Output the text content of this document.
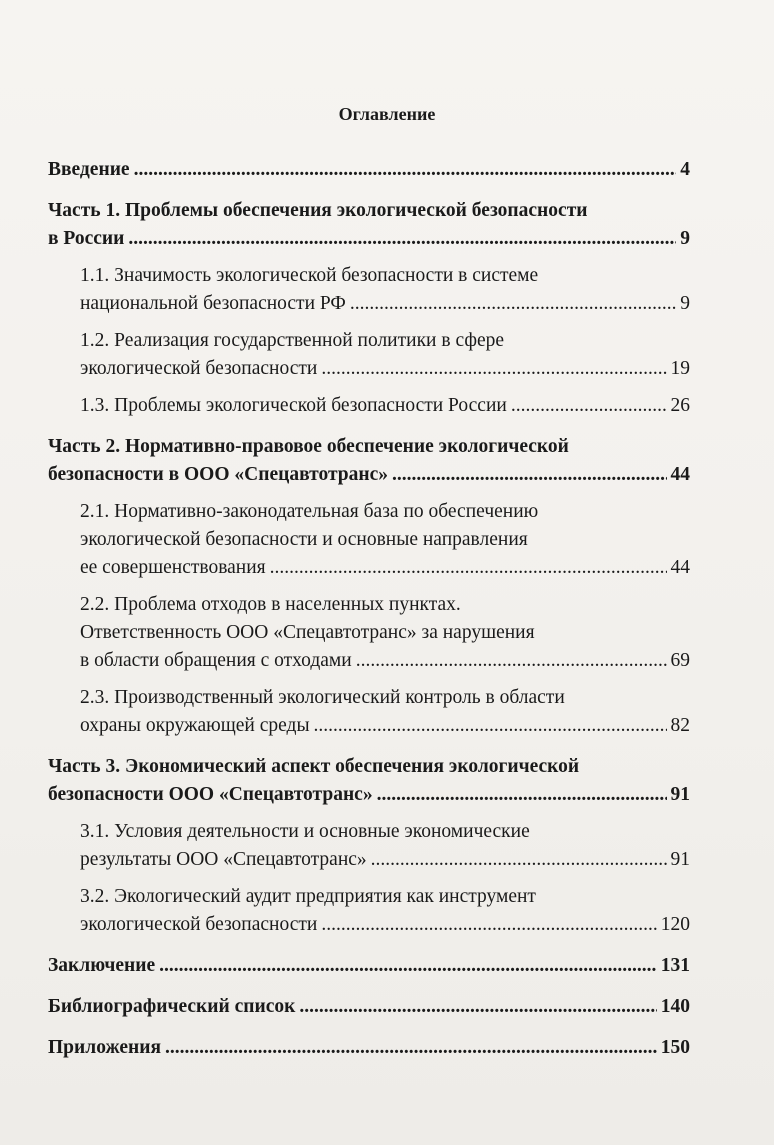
Оглавление
Введение .....	4
Часть 1. Проблемы обеспечения экологической безопасности
в России .....	9
1.1. Значимость экологической безопасности в системе
национальной безопасности РФ .....	9
1.2. Реализация государственной политики в сфере
экологической безопасности .....	19
1.3. Проблемы экологической безопасности России .....	26
Часть 2. Нормативно-правовое обеспечение экологической
безопасности в ООО «Спецавтотранс» .....	44
2.1. Нормативно-законодательная база по обеспечению
экологической безопасности и основные направления
ее совершенствования .....	44
2.2. Проблема отходов в населенных пунктах.
Ответственность ООО «Спецавтотранс» за нарушения
в области обращения с отходами .....	69
2.3. Производственный экологический контроль в области
охраны окружающей среды .....	82
Часть 3. Экономический аспект обеспечения экологической
безопасности ООО «Спецавтотранс» .....	91
3.1. Условия деятельности и основные экономические
результаты ООО «Спецавтотранс» .....	91
3.2. Экологический аудит предприятия как инструмент
экологической безопасности .....	120
Заключение .....	131
Библиографический список .....	140
Приложения .....	150
